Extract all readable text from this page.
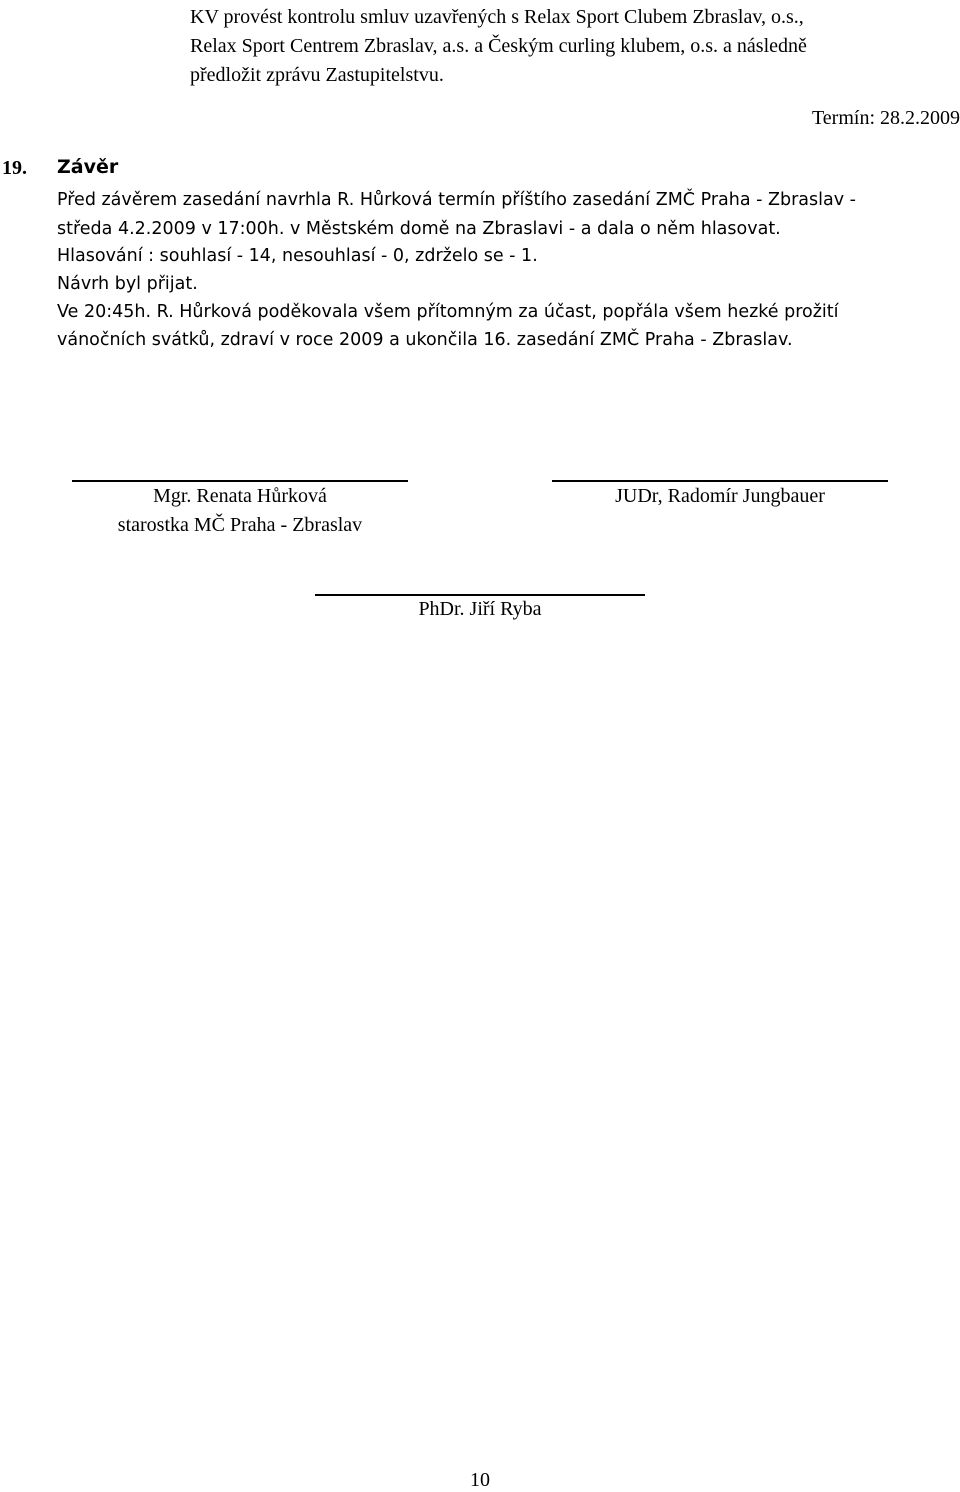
KV provést kontrolu smluv uzavřených s Relax Sport Clubem Zbraslav, o.s.,
Relax Sport Centrem Zbraslav, a.s. a Českým curling klubem, o.s. a následně
předložit zprávu Zastupitelstvu.
Termín: 28.2.2009
19. Závěr
Před závěrem zasedání navrhla R. Hůrková termín příštího zasedání ZMČ Praha - Zbraslav -
středa 4.2.2009 v 17:00h. v Městském domě na Zbraslavi - a dala o něm hlasovat.
Hlasování : souhlasí - 14, nesouhlasí - 0, zdrželo se - 1.
Návrh byl přijat.
Ve 20:45h. R. Hůrková poděkovala všem přítomným za účast, popřála všem hezké prožití
vánočních svátků, zdraví v roce 2009 a ukončila 16. zasedání ZMČ Praha - Zbraslav.
Mgr. Renata Hůrková
starostka MČ Praha - Zbraslav
JUDr, Radomír Jungbauer
PhDr. Jiří Ryba
10
